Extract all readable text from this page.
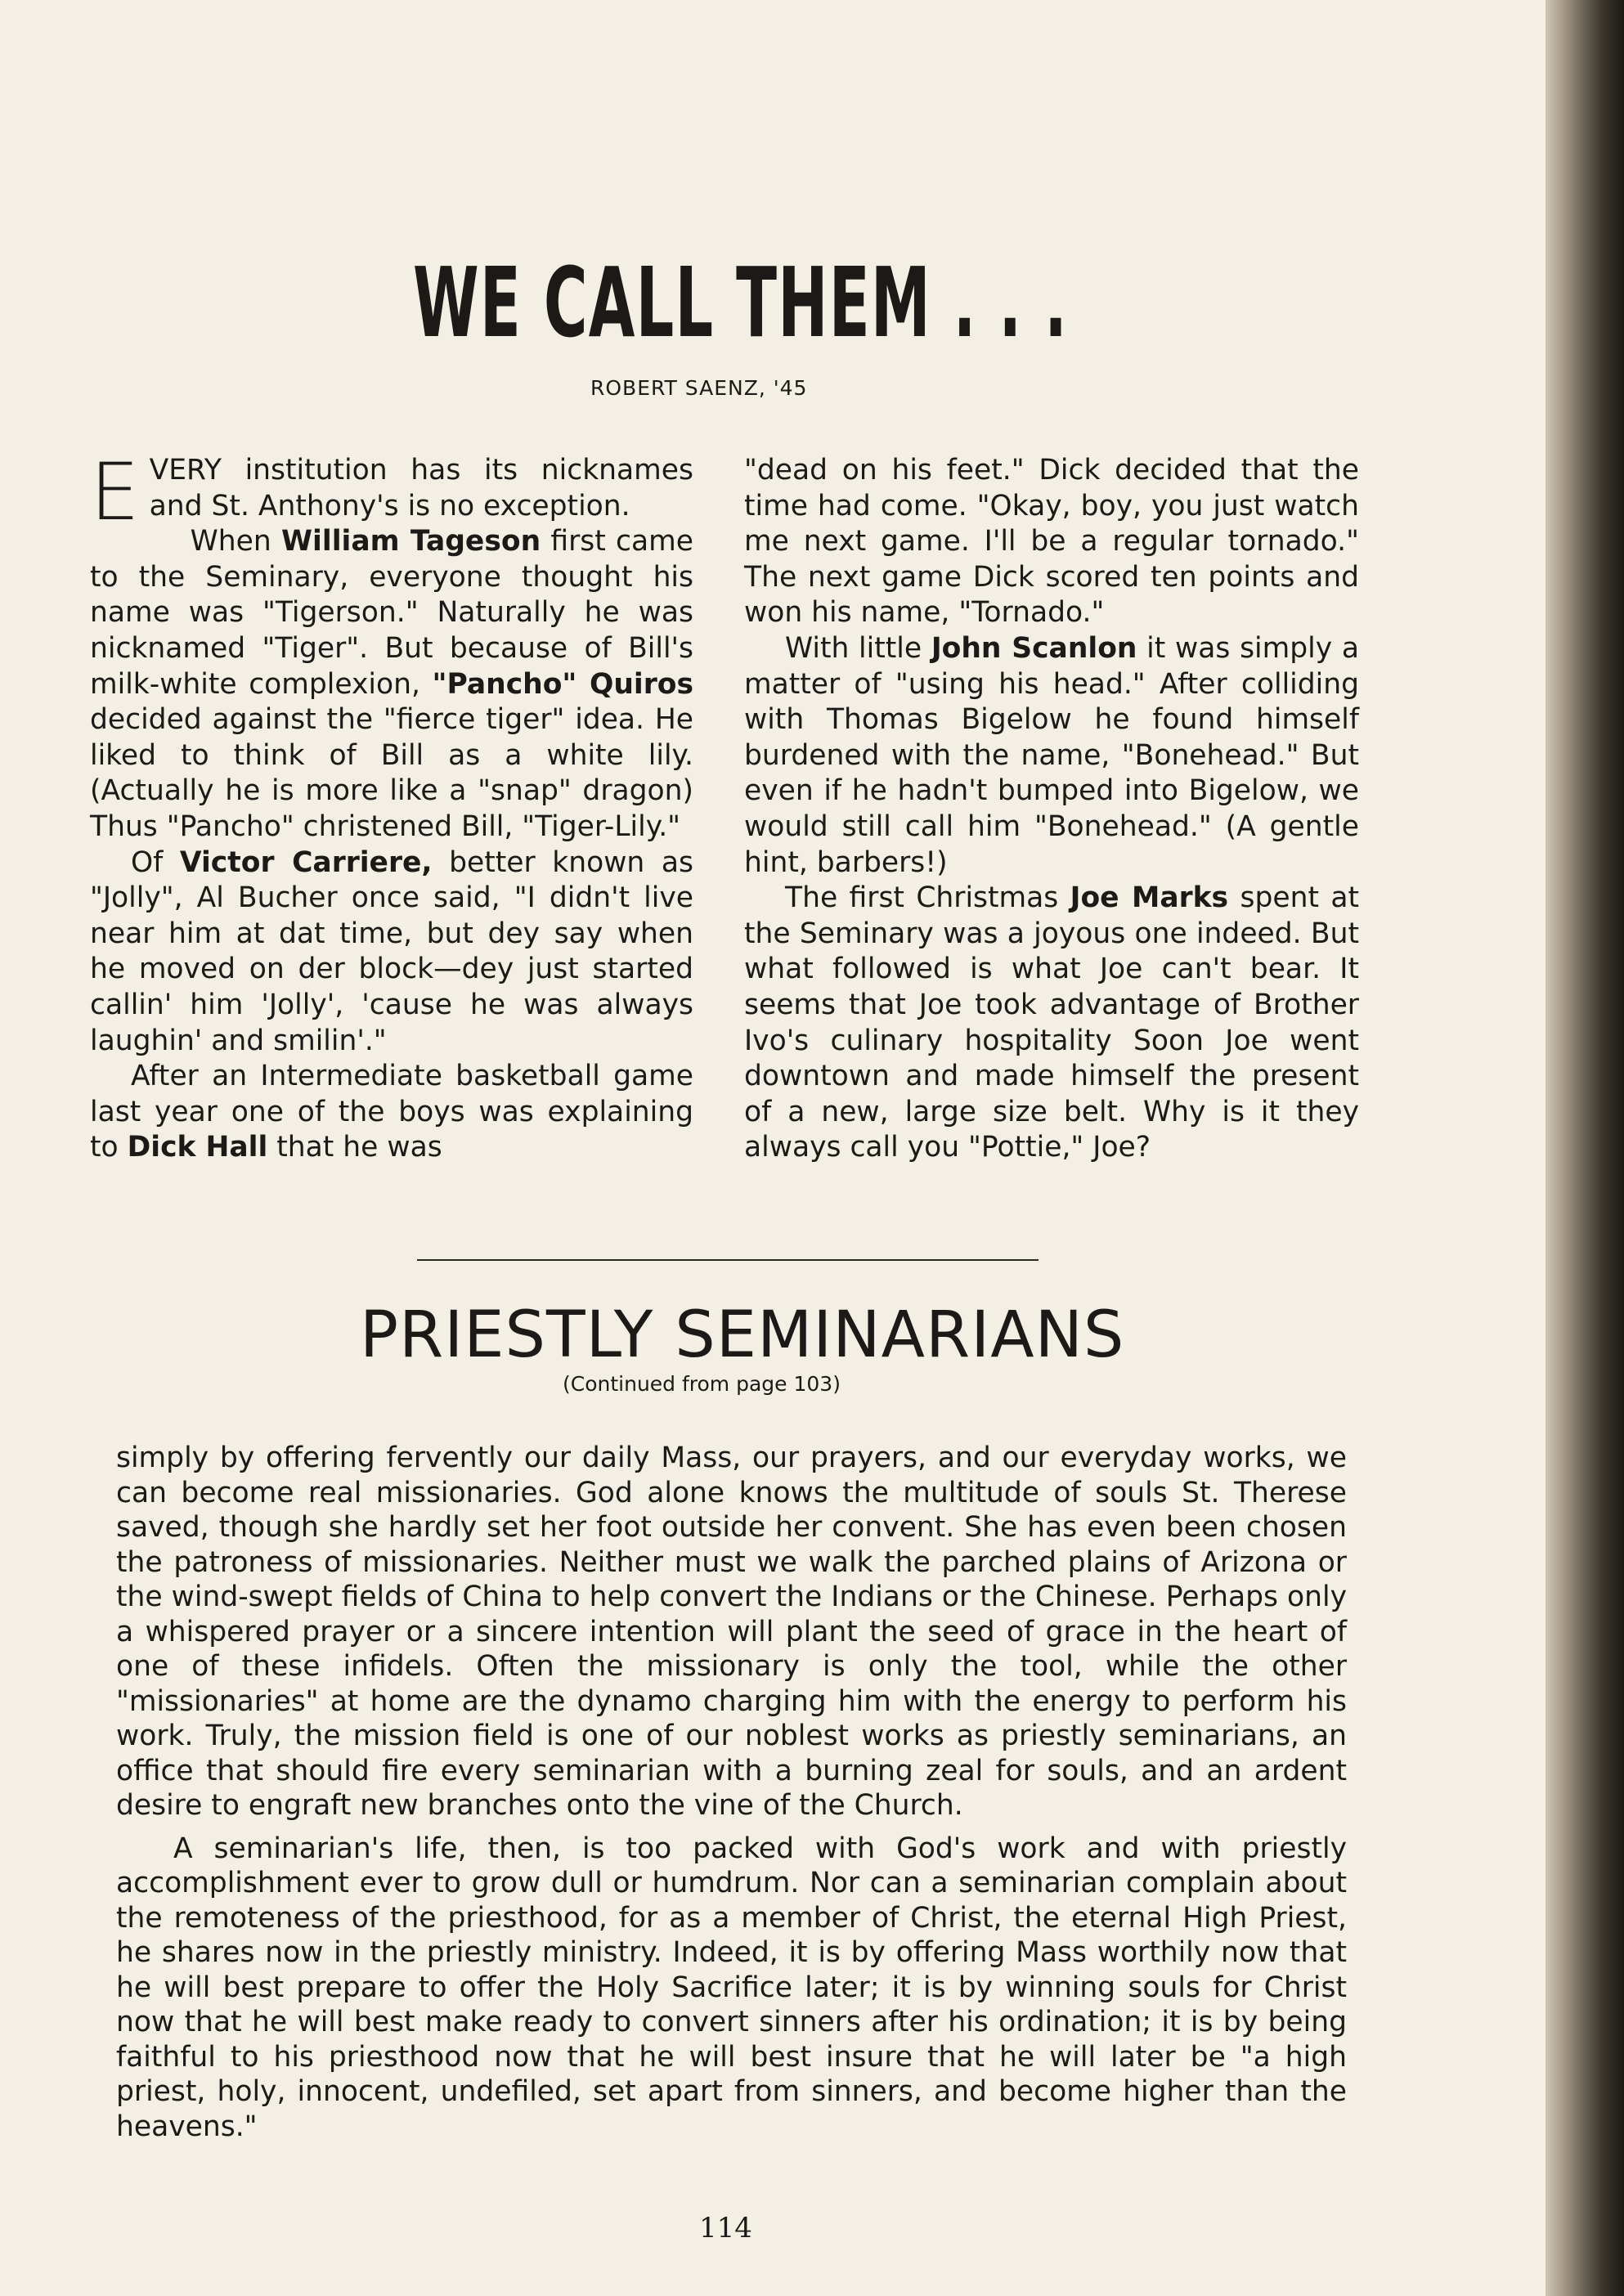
WE CALL THEM . . .
ROBERT SAENZ, '45

EVERY institution has its nicknames and St. Anthony's is no exception.

When William Tageson first came to the Seminary, everyone thought his name was "Tigerson." Naturally he was nicknamed "Tiger". But because of Bill's milk-white complexion, "Pancho" Quiros decided against the "fierce tiger" idea. He liked to think of Bill as a white lily. (Actually he is more like a "snap" dragon) Thus "Pancho" christened Bill, "Tiger-Lily."

Of Victor Carriere, better known as "Jolly", Al Bucher once said, "I didn't live near him at dat time, but dey say when he moved on der block—dey just started callin' him 'Jolly', 'cause he was always laughin' and smilin'."

After an Intermediate basketball game last year one of the boys was explaining to Dick Hall that he was

"dead on his feet." Dick decided that the time had come. "Okay, boy, you just watch me next game. I'll be a regular tornado." The next game Dick scored ten points and won his name, "Tornado."

With little John Scanlon it was simply a matter of "using his head." After colliding with Thomas Bigelow he found himself burdened with the name, "Bonehead." But even if he hadn't bumped into Bigelow, we would still call him "Bonehead." (A gentle hint, barbers!)

The first Christmas Joe Marks spent at the Seminary was a joyous one indeed. But what followed is what Joe can't bear. It seems that Joe took advantage of Brother Ivo's culinary hospitality Soon Joe went downtown and made himself the present of a new, large size belt. Why is it they always call you "Pottie," Joe?

PRIESTLY SEMINARIANS
(Continued from page 103)

simply by offering fervently our daily Mass, our prayers, and our everyday works, we can become real missionaries. God alone knows the multitude of souls St. Therese saved, though she hardly set her foot outside her convent. She has even been chosen the patroness of missionaries. Neither must we walk the parched plains of Arizona or the wind-swept fields of China to help convert the Indians or the Chinese. Perhaps only a whispered prayer or a sincere intention will plant the seed of grace in the heart of one of these infidels. Often the missionary is only the tool, while the other "missionaries" at home are the dynamo charging him with the energy to perform his work. Truly, the mission field is one of our noblest works as priestly seminarians, an office that should fire every seminarian with a burning zeal for souls, and an ardent desire to engraft new branches onto the vine of the Church.

A seminarian's life, then, is too packed with God's work and with priestly accomplishment ever to grow dull or humdrum. Nor can a seminarian complain about the remoteness of the priesthood, for as a member of Christ, the eternal High Priest, he shares now in the priestly ministry. Indeed, it is by offering Mass worthily now that he will best prepare to offer the Holy Sacrifice later; it is by winning souls for Christ now that he will best make ready to convert sinners after his ordination; it is by being faithful to his priesthood now that he will best insure that he will later be "a high priest, holy, innocent, undefiled, set apart from sinners, and become higher than the heavens."

114
